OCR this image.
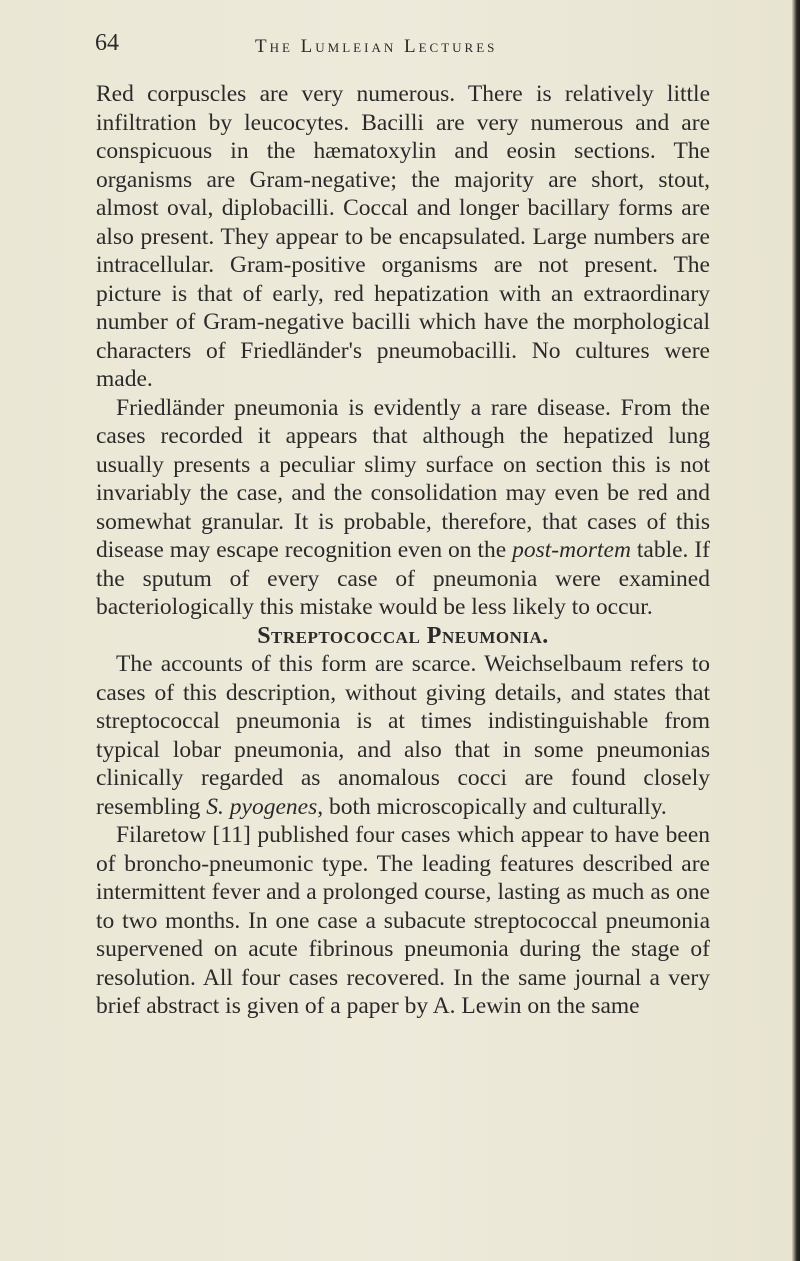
64	The Lumleian Lectures

Red corpuscles are very numerous. There is relatively little infiltration by leucocytes. Bacilli are very numerous and are conspicuous in the hæmatoxylin and eosin sections. The organisms are Gram-negative; the majority are short, stout, almost oval, diplobacilli. Coccal and longer bacillary forms are also present. They appear to be encapsulated. Large numbers are intracellular. Gram-positive organisms are not present. The picture is that of early, red hepatization with an extraordinary number of Gram-negative bacilli which have the morphological characters of Friedländer's pneumobacilli. No cultures were made.

Friedländer pneumonia is evidently a rare disease. From the cases recorded it appears that although the hepatized lung usually presents a peculiar slimy surface on section this is not invariably the case, and the consolidation may even be red and somewhat granular. It is probable, therefore, that cases of this disease may escape recognition even on the post-mortem table. If the sputum of every case of pneumonia were examined bacteriologically this mistake would be less likely to occur.

Streptococcal Pneumonia.

The accounts of this form are scarce. Weichselbaum refers to cases of this description, without giving details, and states that streptococcal pneumonia is at times indistinguishable from typical lobar pneumonia, and also that in some pneumonias clinically regarded as anomalous cocci are found closely resembling S. pyogenes, both microscopically and culturally.

Filaretow [11] published four cases which appear to have been of broncho-pneumonic type. The leading features described are intermittent fever and a prolonged course, lasting as much as one to two months. In one case a subacute streptococcal pneumonia supervened on acute fibrinous pneumonia during the stage of resolution. All four cases recovered. In the same journal a very brief abstract is given of a paper by A. Lewin on the same
